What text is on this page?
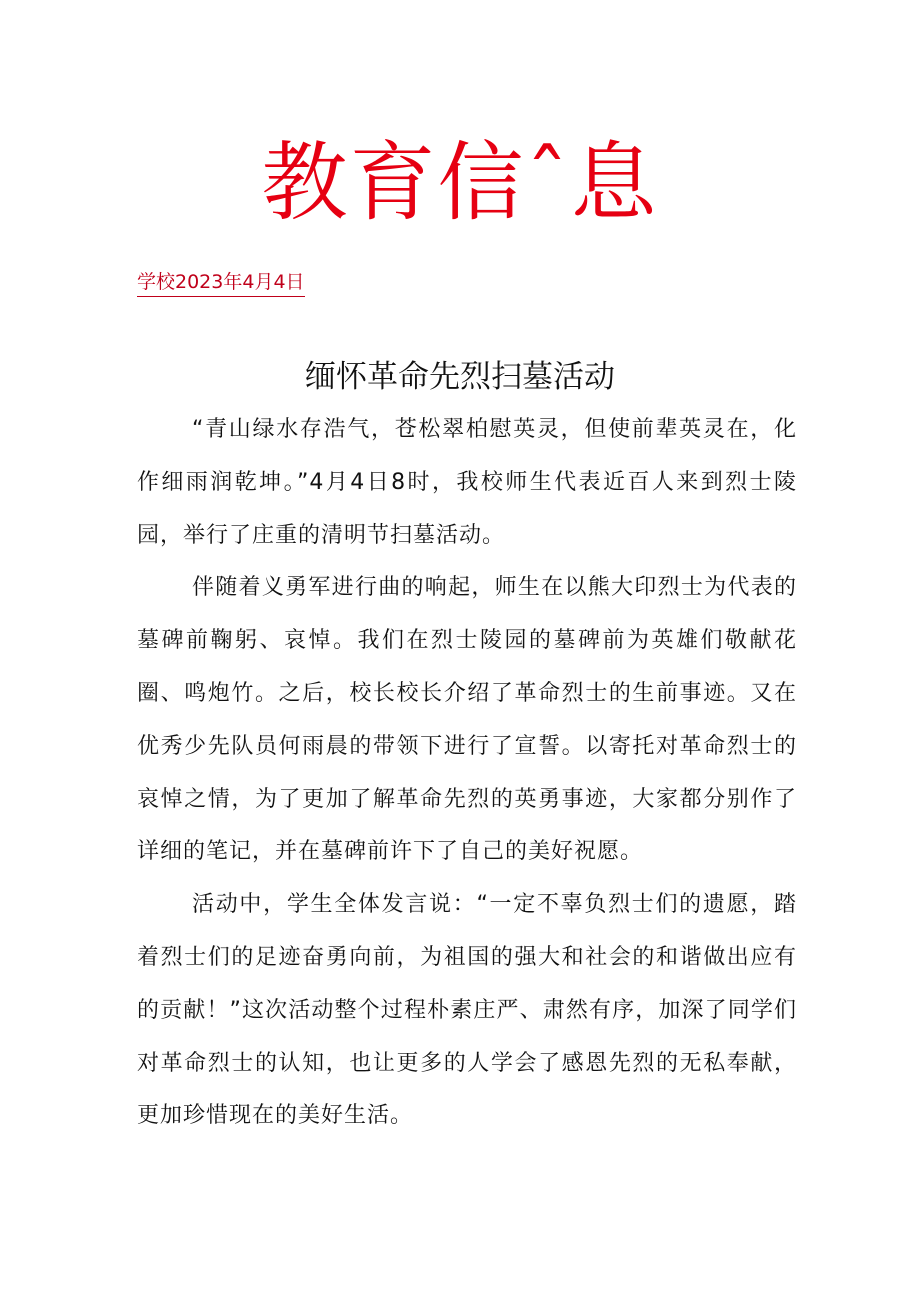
教育信ˆ息
学校2023年4月4日
缅怀革命先烈扫墓活动

“青山绿水存浩气，苍松翠柏慰英灵，但使前辈英灵在，化作细雨润乾坤。”4月4日8时，我校师生代表近百人来到烈士陵园，举行了庄重的清明节扫墓活动。

伴随着义勇军进行曲的响起，师生在以熊大印烈士为代表的墓碑前鞠躬、哀悼。我们在烈士陵园的墓碑前为英雄们敬献花圈、鸣炮竹。之后，校长校长介绍了革命烈士的生前事迹。又在优秀少先队员何雨晨的带领下进行了宣誓。以寄托对革命烈士的哀悼之情，为了更加了解革命先烈的英勇事迹，大家都分别作了详细的笔记，并在墓碑前许下了自己的美好祝愿。

活动中，学生全体发言说：“一定不辜负烈士们的遗愿，踏着烈士们的足迹奋勇向前，为祖国的强大和社会的和谐做出应有的贡献！”这次活动整个过程朴素庄严、肃然有序，加深了同学们对革命烈士的认知，也让更多的人学会了感恩先烈的无私奉献，更加珍惜现在的美好生活。
